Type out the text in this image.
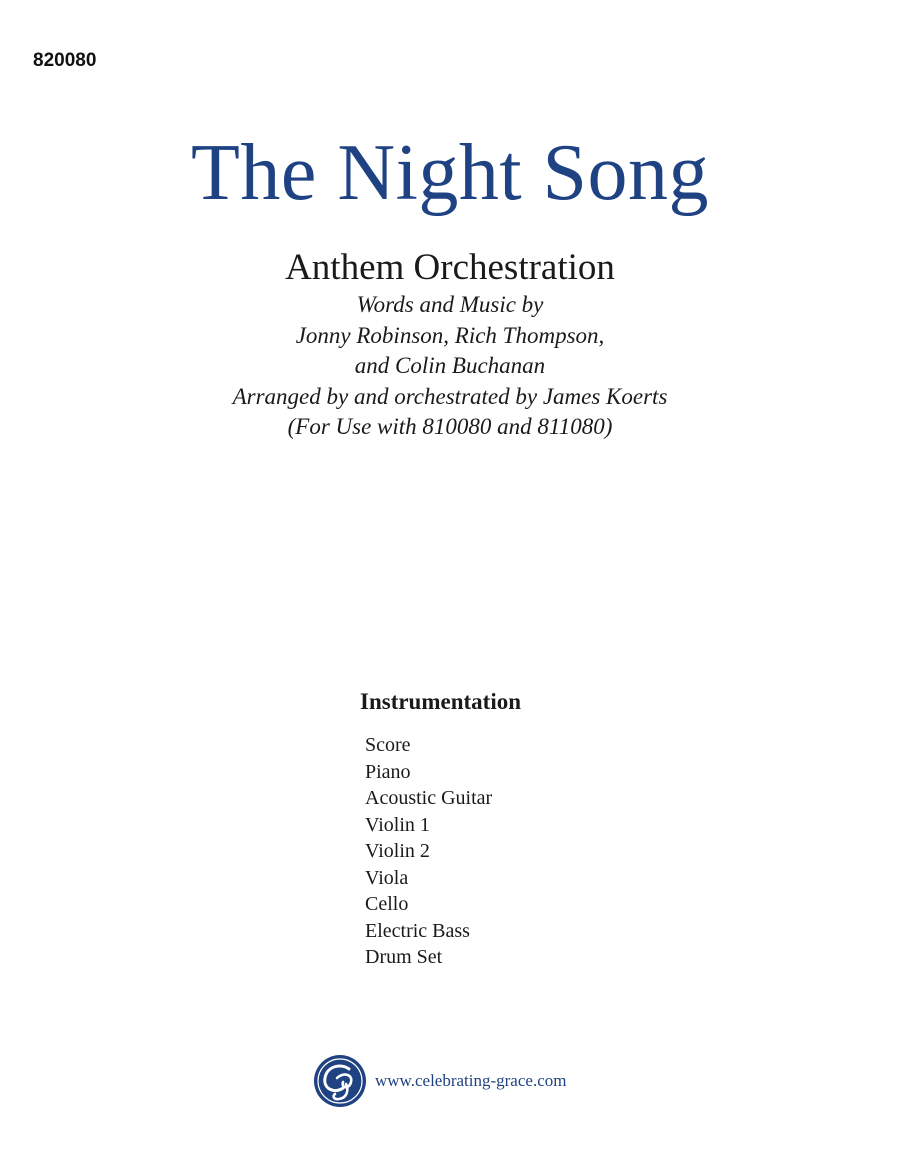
820080
The Night Song
Anthem Orchestration
Words and Music by
Jonny Robinson, Rich Thompson,
and Colin Buchanan
Arranged by and orchestrated by James Koerts
(For Use with 810080 and 811080)
Instrumentation
Score
Piano
Acoustic Guitar
Violin 1
Violin 2
Viola
Cello
Electric Bass
Drum Set
www.celebrating-grace.com
